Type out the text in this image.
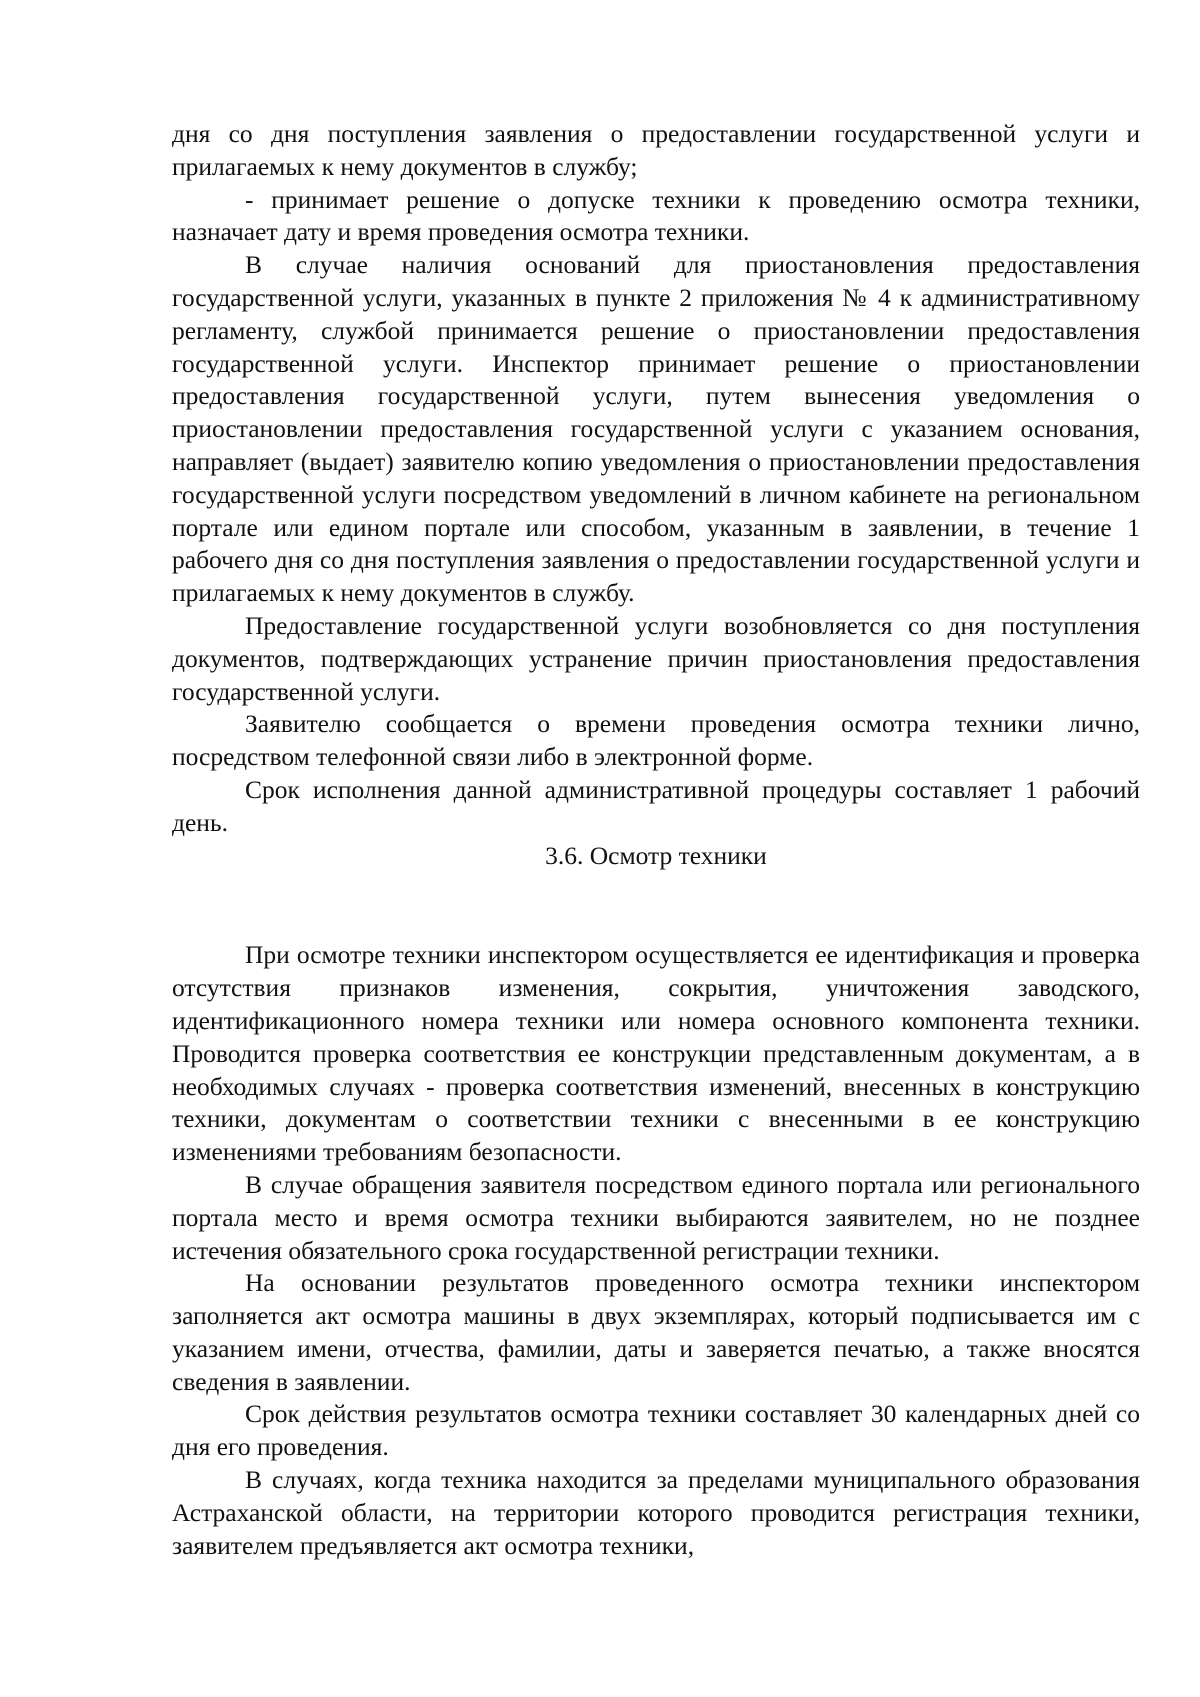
дня со дня поступления заявления о предоставлении государственной услуги и прилагаемых к нему документов в службу;

- принимает решение о допуске техники к проведению осмотра техники, назначает дату и время проведения осмотра техники.

В случае наличия оснований для приостановления предоставления государственной услуги, указанных в пункте 2 приложения № 4 к административному регламенту, службой принимается решение о приостановлении предоставления государственной услуги. Инспектор принимает решение о приостановлении предоставления государственной услуги, путем вынесения уведомления о приостановлении предоставления государственной услуги с указанием основания, направляет (выдает) заявителю копию уведомления о приостановлении предоставления государственной услуги посредством уведомлений в личном кабинете на региональном портале или едином портале или способом, указанным в заявлении, в течение 1 рабочего дня со дня поступления заявления о предоставлении государственной услуги и прилагаемых к нему документов в службу.

Предоставление государственной услуги возобновляется со дня поступления документов, подтверждающих устранение причин приостановления предоставления государственной услуги.

Заявителю сообщается о времени проведения осмотра техники лично, посредством телефонной связи либо в электронной форме.

Срок исполнения данной административной процедуры составляет 1 рабочий день.

3.6. Осмотр техники

При осмотре техники инспектором осуществляется ее идентификация и проверка отсутствия признаков изменения, сокрытия, уничтожения заводского, идентификационного номера техники или номера основного компонента техники. Проводится проверка соответствия ее конструкции представленным документам, а в необходимых случаях - проверка соответствия изменений, внесенных в конструкцию техники, документам о соответствии техники с внесенными в ее конструкцию изменениями требованиям безопасности.

В случае обращения заявителя посредством единого портала или регионального портала место и время осмотра техники выбираются заявителем, но не позднее истечения обязательного срока государственной регистрации техники.

На основании результатов проведенного осмотра техники инспектором заполняется акт осмотра машины в двух экземплярах, который подписывается им с указанием имени, отчества, фамилии, даты и заверяется печатью, а также вносятся сведения в заявлении.

Срок действия результатов осмотра техники составляет 30 календарных дней со дня его проведения.

В случаях, когда техника находится за пределами муниципального образования Астраханской области, на территории которого проводится регистрация техники, заявителем предъявляется акт осмотра техники,
